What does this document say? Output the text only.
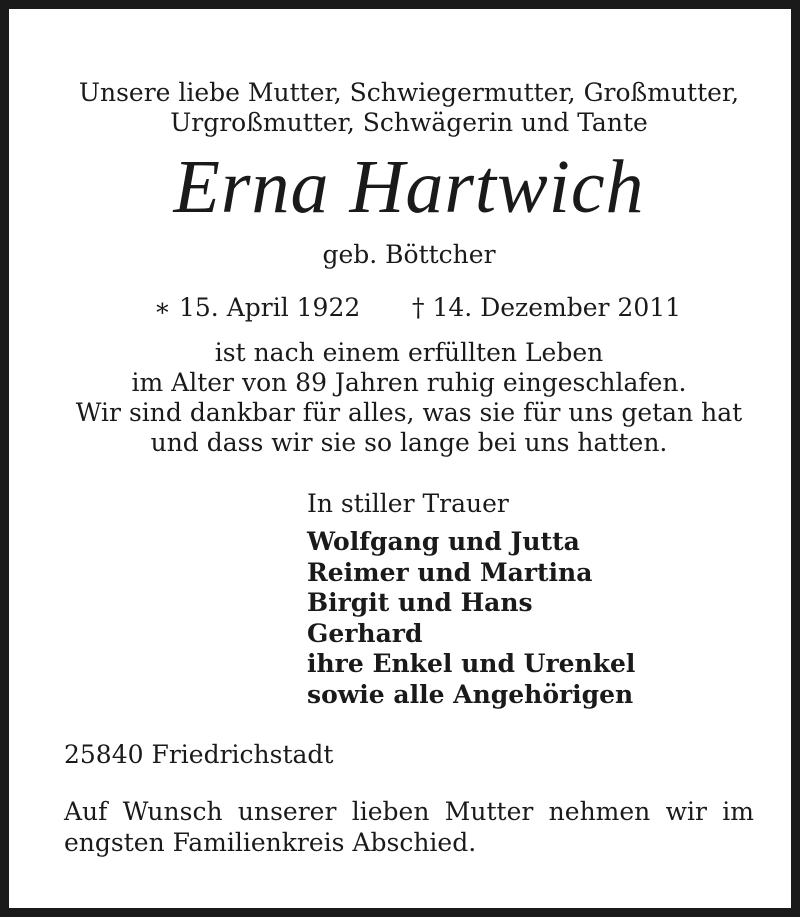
Unsere liebe Mutter, Schwiegermutter, Großmutter,
Urgroßmutter, Schwägerin und Tante
Erna Hartwich
geb. Böttcher
∗ 15. April 1922 † 14. Dezember 2011
ist nach einem erfüllten Leben
im Alter von 89 Jahren ruhig eingeschlafen.
Wir sind dankbar für alles, was sie für uns getan hat
und dass wir sie so lange bei uns hatten.
In stiller Trauer
Wolfgang und Jutta
Reimer und Martina
Birgit und Hans
Gerhard
ihre Enkel und Urenkel
sowie alle Angehörigen
25840 Friedrichstadt
Auf Wunsch unserer lieben Mutter nehmen wir im engsten Familienkreis Abschied.
